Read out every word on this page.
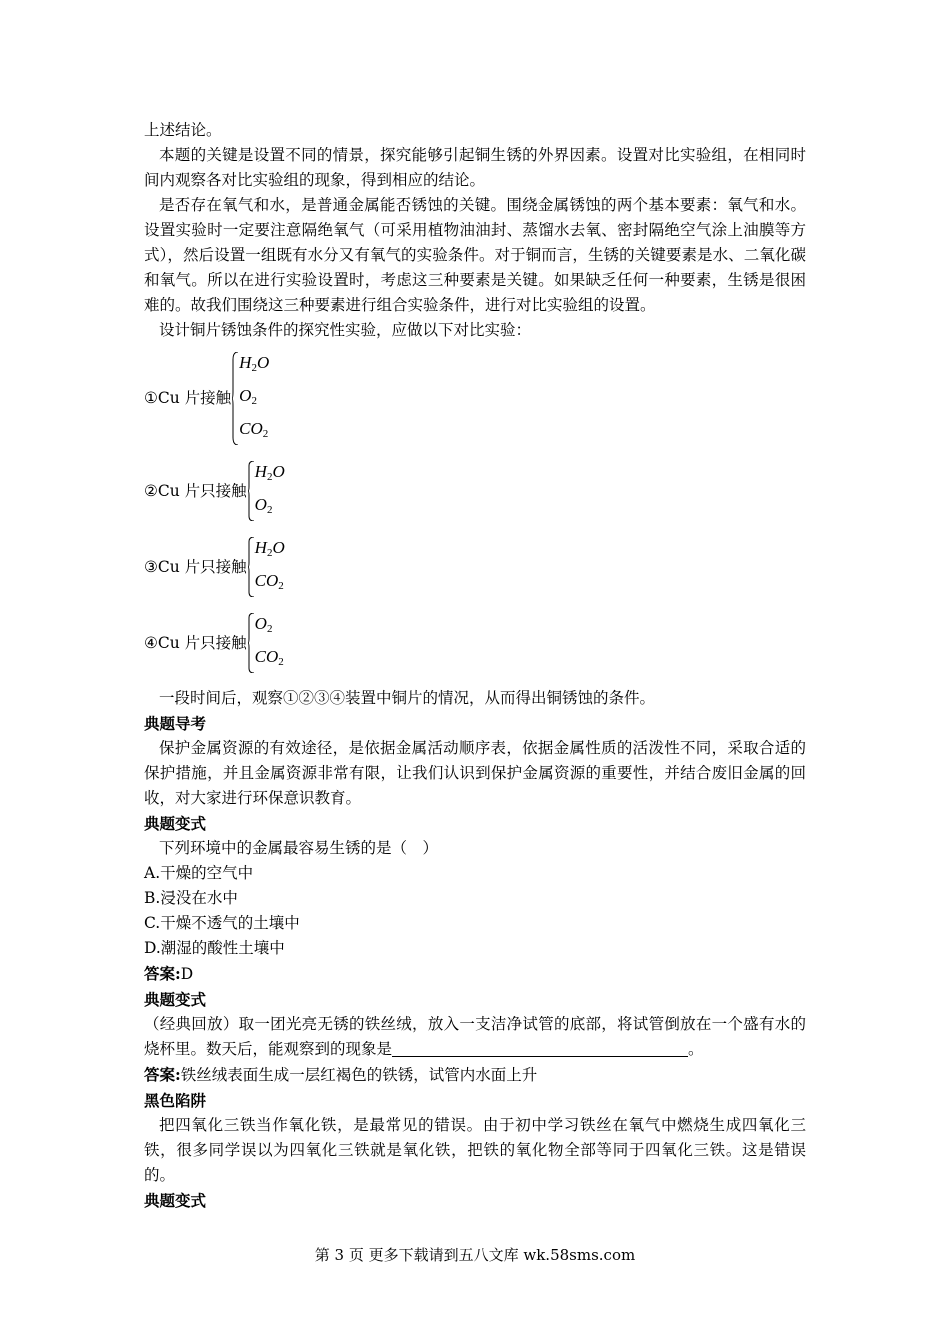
上述结论。

本题的关键是设置不同的情景，探究能够引起铜生锈的外界因素。设置对比实验组，在相同时间内观察各对比实验组的现象，得到相应的结论。

是否存在氧气和水，是普通金属能否锈蚀的关键。围绕金属锈蚀的两个基本要素：氧气和水。设置实验时一定要注意隔绝氧气（可采用植物油油封、蒸馏水去氧、密封隔绝空气涂上油膜等方式），然后设置一组既有水分又有氧气的实验条件。对于铜而言，生锈的关键要素是水、二氧化碳和氧气。所以在进行实验设置时，考虑这三种要素是关键。如果缺乏任何一种要素，生锈是很困难的。故我们围绕这三种要素进行组合实验条件，进行对比实验组的设置。

设计铜片锈蚀条件的探究性实验，应做以下对比实验：

①Cu 片接触
$H_2O$
$O_2$
$CO_2$
②Cu 片只接触
$H_2O$
$O_2$
③Cu 片只接触
$H_2O$
$CO_2$
④Cu 片只接触
$O_2$
$CO_2$

一段时间后，观察①②③④装置中铜片的情况，从而得出铜锈蚀的条件。

典题导考

保护金属资源的有效途径，是依据金属活动顺序表，依据金属性质的活泼性不同，采取合适的保护措施，并且金属资源非常有限，让我们认识到保护金属资源的重要性，并结合废旧金属的回收，对大家进行环保意识教育。

典题变式

下列环境中的金属最容易生锈的是（　）

A.干燥的空气中

B.浸没在水中

C.干燥不透气的土壤中

D.潮湿的酸性土壤中

答案:D

典题变式

（经典回放）取一团光亮无锈的铁丝绒，放入一支洁净试管的底部，将试管倒放在一个盛有水的烧杯里。数天后，能观察到的现象是	。

答案:铁丝绒表面生成一层红褐色的铁锈，试管内水面上升

黑色陷阱

把四氧化三铁当作氧化铁，是最常见的错误。由于初中学习铁丝在氧气中燃烧生成四氧化三铁，很多同学误以为四氧化三铁就是氧化铁，把铁的氧化物全部等同于四氧化三铁。这是错误的。

典题变式

第 3 页 更多下载请到五八文库 wk.58sms.com
